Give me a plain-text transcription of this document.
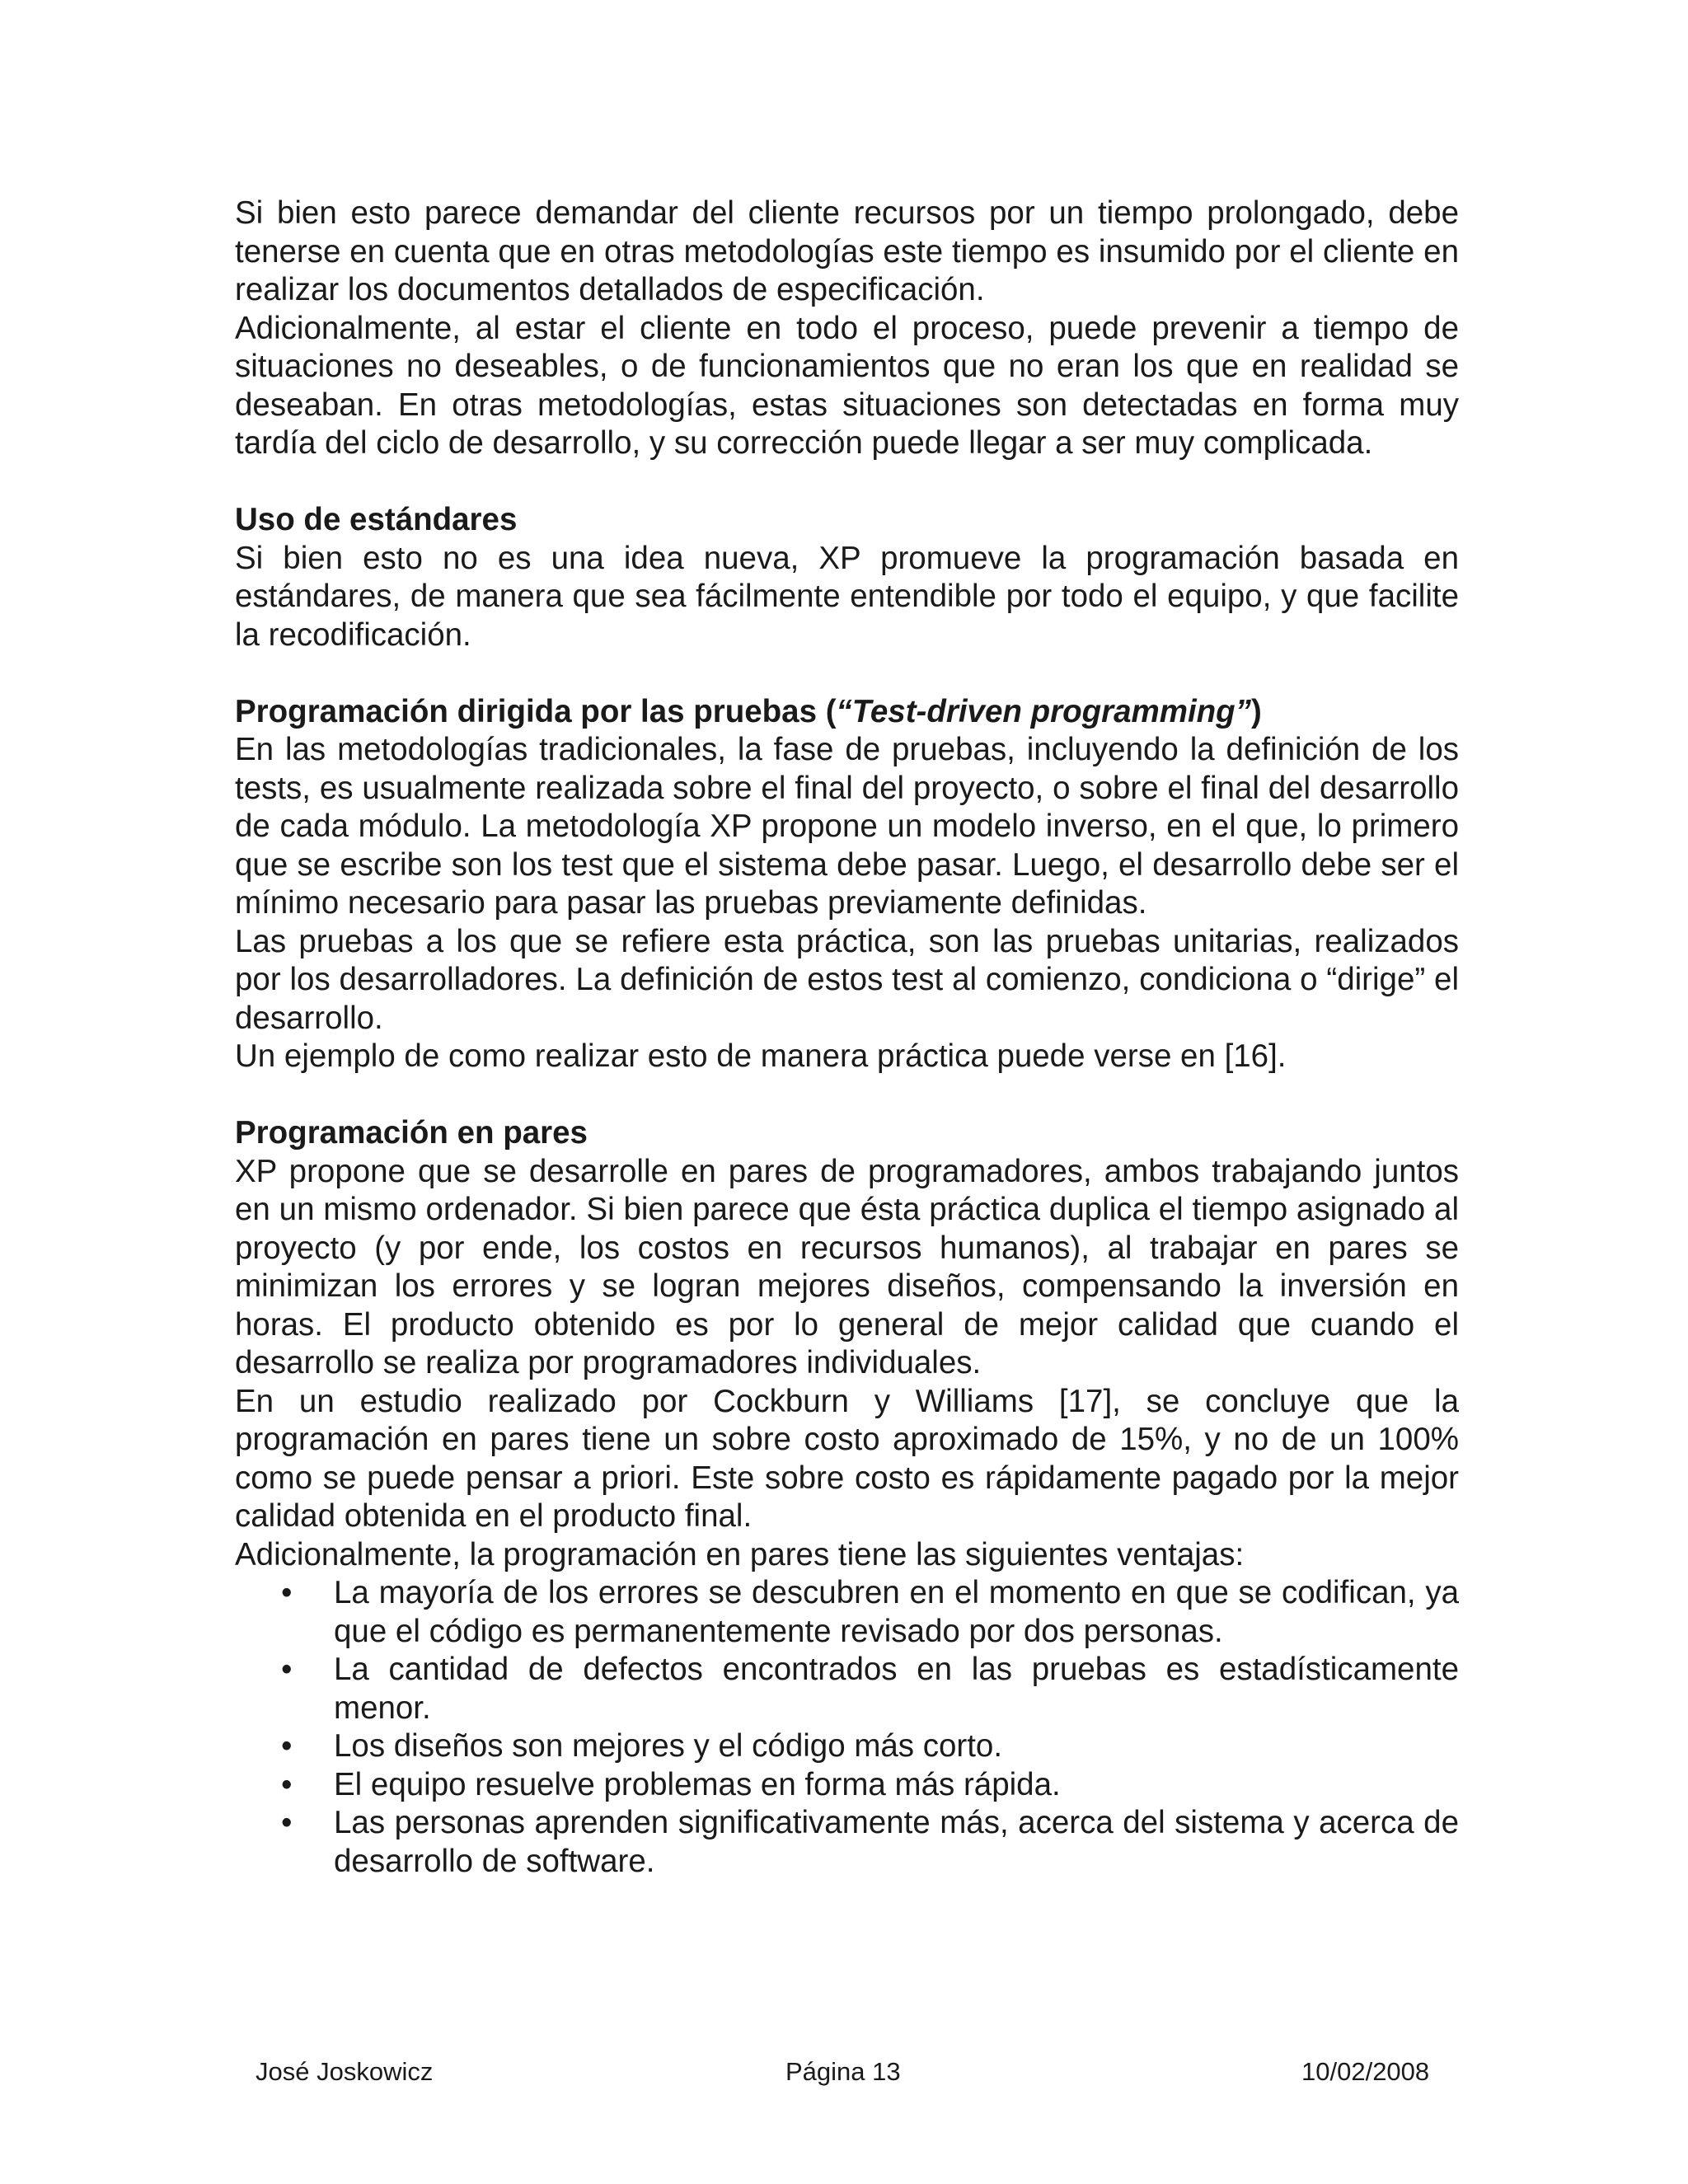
Si bien esto parece demandar del cliente recursos por un tiempo prolongado, debe tenerse en cuenta que en otras metodologías este tiempo es insumido por el cliente en realizar los documentos detallados de especificación.

Adicionalmente, al estar el cliente en todo el proceso, puede prevenir a tiempo de situaciones no deseables, o de funcionamientos que no eran los que en realidad se deseaban. En otras metodologías, estas situaciones son detectadas en forma muy tardía del ciclo de desarrollo, y su corrección puede llegar a ser muy complicada.

Uso de estándares

Si bien esto no es una idea nueva, XP promueve la programación basada en estándares, de manera que sea fácilmente entendible por todo el equipo, y que facilite la recodificación.

Programación dirigida por las pruebas (“Test-driven programming”)

En las metodologías tradicionales, la fase de pruebas, incluyendo la definición de los tests, es usualmente realizada sobre el final del proyecto, o sobre el final del desarrollo de cada módulo. La metodología XP propone un modelo inverso, en el que, lo primero que se escribe son los test que el sistema debe pasar. Luego, el desarrollo debe ser el mínimo necesario para pasar las pruebas previamente definidas.

Las pruebas a los que se refiere esta práctica, son las pruebas unitarias, realizados por los desarrolladores. La definición de estos test al comienzo, condiciona o “dirige” el desarrollo.

Un ejemplo de como realizar esto de manera práctica puede verse en [16].

Programación en pares

XP propone que se desarrolle en pares de programadores, ambos trabajando juntos en un mismo ordenador. Si bien parece que ésta práctica duplica el tiempo asignado al proyecto (y por ende, los costos en recursos humanos), al trabajar en pares se minimizan los errores y se logran mejores diseños, compensando la inversión en horas. El producto obtenido es por lo general de mejor calidad que cuando el desarrollo se realiza por programadores individuales.

En un estudio realizado por Cockburn y Williams [17], se concluye que la programación en pares tiene un sobre costo aproximado de 15%, y no de un 100% como se puede pensar a priori. Este sobre costo es rápidamente pagado por la mejor calidad obtenida en el producto final.

Adicionalmente, la programación en pares tiene las siguientes ventajas:

• La mayoría de los errores se descubren en el momento en que se codifican, ya que el código es permanentemente revisado por dos personas.
• La cantidad de defectos encontrados en las pruebas es estadísticamente menor.
• Los diseños son mejores y el código más corto.
• El equipo resuelve problemas en forma más rápida.
• Las personas aprenden significativamente más, acerca del sistema y acerca de desarrollo de software.
José Joskowicz	Página 13	10/02/2008
